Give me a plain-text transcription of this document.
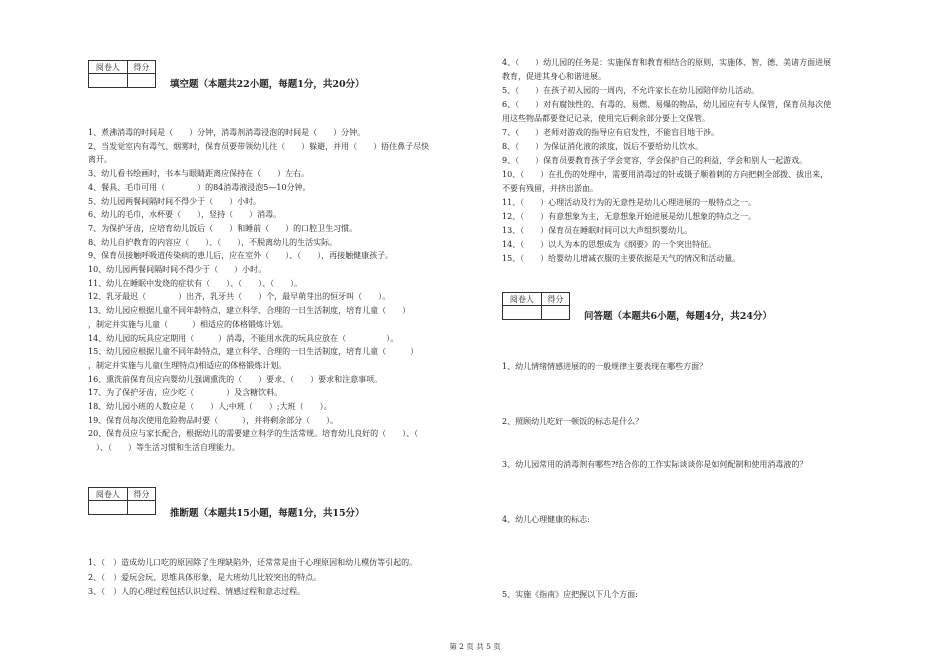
阅卷人	得分

填空题（本题共22小题，每题1分，共20分）
1、煮沸消毒的时间是（　　）分钟，消毒剂消毒浸泡的时间是（　　）分钟。
2、当发觉室内有毒气、烟雾时，保育员要带领幼儿往（　　）躲避，并用（　　）捂住鼻子尽快
离开。
3、幼儿看书绘画时，书本与眼睛距离应保持在（　　）左右。
4、餐具、毛巾可用（　　　　）的84消毒液浸泡5—10分钟。
5、幼儿园两餐间隔时间不得少于（　　）小时。
6、幼儿的毛巾，水杯要（　　），竖持（　　）消毒。
7、为保护牙齿，应培育幼儿饭后（　　）和睡前（　　）的口腔卫生习惯。
8、幼儿自护教育的内容应（　　）、（　　），不脱离幼儿的生活实际。
9、保育员接触呼吸道传染病的患儿后，应在室外（　　）、（　　），再接触健康孩子。
10、幼儿园两餐间隔时间不得少于（　　）小时。
11、幼儿在睡眠中发烧的症状有（　　）、（　　）、（　　）。
12、乳牙最迟（　　　　）出齐，乳牙共（　　）个，最早萌芽出的恒牙叫（　　）。
13、幼儿园应根据儿童不同年龄特点，建立科学、合理的一日生活制度，培育儿童（　　）
，制定并实施与儿童（　　　）相适应的体格锻炼计划。
14、幼儿园的玩具应定期用（　　　）消毒，不能用水洗的玩具应放在（　　　　　）。
15、幼儿园应根据儿童不同年龄特点，建立科学、合理的一日生活制度，培育儿童（　　　）
，制定并实施与儿童(生理特点)相适应的体格锻炼计划。
16、熏洗前保育员应向婴幼儿强调熏洗的（　　）要求、（　　）要求和注意事项。
17、为了保护牙齿，应少吃（　　　　）及含糖饮料。
18、幼儿园小班的人数应是（　　）人;中班（　　）;大班（　　）。
19、保育员每次使用危险物品时要（　　　），并将剩余部分（　　）。
20、保育员应与家长配合，根据幼儿的需要建立科学的生活常规。培育幼儿良好的（　　）、（
　）、（　　）等生活习惯和生活自理能力。
阅卷人	得分

推断题（本题共15小题，每题1分，共15分）
1、（　）造成幼儿口吃的原因除了生理缺陷外，还常常是由于心理原因和幼儿模仿等引起的。
2、（　）爱玩会玩、思维具体形象，是大班幼儿比较突出的特点。
3、（　）人的心理过程包括认识过程、情感过程和意志过程。
4、（　　）幼儿园的任务是：实施保育和教育相结合的原则，实施体、智、德、美诸方面进展
教育，促进其身心和谐进展。
5、（　　）在孩子初入园的一周内，不允许家长在幼儿园陪伴幼儿活动。
6、（　　）对有腐蚀性的、有毒的、易燃、易爆的物品，幼儿园应有专人保管，保育员每次使
用这些物品都要登记记录，使用完后剩余部分要上交保管。
7、（　　）老师对游戏的指导应有启发性，不能盲目地干涉。
8、（　　）为保证消化液的浓度，饭后不要给幼儿饮水。
9、（　　）保育员要教育孩子学会宽容，学会保护自己的利益，学会和别人一起游戏。
10、（　　）在扎伤的处理中，需要用消毒过的针或镊子顺着刺的方向把刺全部拨、拔出来，
不要有残留，并挤出淤血。
11、（　　）心理活动及行为的无意性是幼儿心理进展的一般特点之一。
12、（　　）有意想象为主，无意想象开始进展是幼儿想象的特点之一。
13、（　　）保育员在睡眠时间可以大声组织婴幼儿。
14、（　　）以人为本的思想成为《纲要》的一个突出特征。
15、（　　）给婴幼儿增减衣服的主要依据是天气的情况和活动量。
阅卷人	得分

问答题（本题共6小题，每题4分，共24分）
1、幼儿情绪情感进展的的一般规律主要表现在哪些方面？
2、照顾幼儿吃好一顿饭的标志是什么？
3、幼儿园常用的消毒剂有哪些?结合你的工作实际谈谈你是如何配制和使用消毒液的？
4、幼儿心理健康的标志:
5、实施《指南》应把握以下几个方面:
第 2 页 共 5 页
